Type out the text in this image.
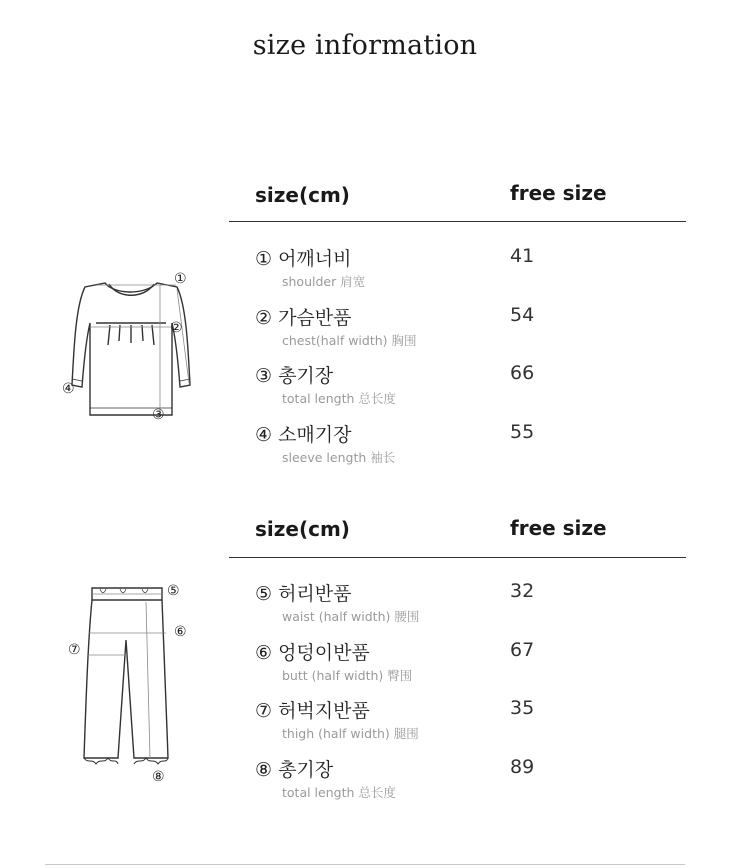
size information
①
②
③
④
⑤
⑥
⑦
⑧
size(cm)	free size
① 어깨너비
shoulder 肩宽
41
② 가슴반품
chest(half width) 胸围
54
③ 총기장
total length 总长度
66
④ 소매기장
sleeve length 袖长
55
size(cm)	free size
⑤ 허리반품
waist (half width) 腰围
32
⑥ 엉덩이반품
butt (half width) 臀围
67
⑦ 허벅지반품
thigh (half width) 腿围
35
⑧ 총기장
total length 总长度
89
